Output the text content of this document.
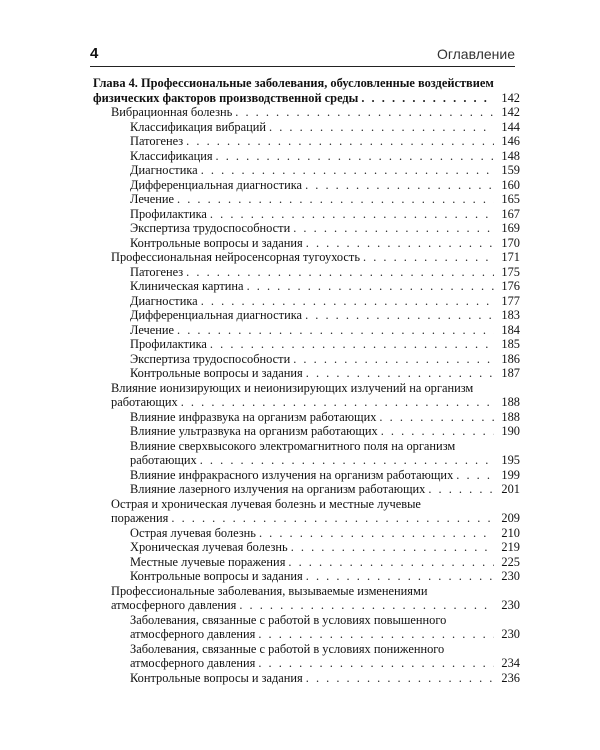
4	Оглавление
Глава 4. Профессиональные заболевания, обусловленные воздействием
физических факторов производственной среды . . .	142
Вибрационная болезнь . . .	142
Классификация вибраций . . .	144
Патогенез . . .	146
Классификация . . .	148
Диагностика . . .	159
Дифференциальная диагностика . . .	160
Лечение . . .	165
Профилактика . . .	167
Экспертиза трудоспособности . . .	169
Контрольные вопросы и задания . . .	170
Профессиональная нейросенсорная тугоухость . . .	171
Патогенез . . .	175
Клиническая картина . . .	176
Диагностика . . .	177
Дифференциальная диагностика . . .	183
Лечение . . .	184
Профилактика . . .	185
Экспертиза трудоспособности . . .	186
Контрольные вопросы и задания . . .	187
Влияние ионизирующих и неионизирующих излучений на организм
работающих . . .	188
Влияние инфразвука на организм работающих . . .	188
Влияние ультразвука на организм работающих . . .	190
Влияние сверхвысокого электромагнитного поля на организм
работающих . . .	195
Влияние инфракрасного излучения на организм работающих . . .	199
Влияние лазерного излучения на организм работающих . . .	201
Острая и хроническая лучевая болезнь и местные лучевые
поражения . . .	209
Острая лучевая болезнь . . .	210
Хроническая лучевая болезнь . . .	219
Местные лучевые поражения . . .	225
Контрольные вопросы и задания . . .	230
Профессиональные заболевания, вызываемые изменениями
атмосферного давления . . .	230
Заболевания, связанные с работой в условиях повышенного
атмосферного давления . . .	230
Заболевания, связанные с работой в условиях пониженного
атмосферного давления . . .	234
Контрольные вопросы и задания . . .	236
